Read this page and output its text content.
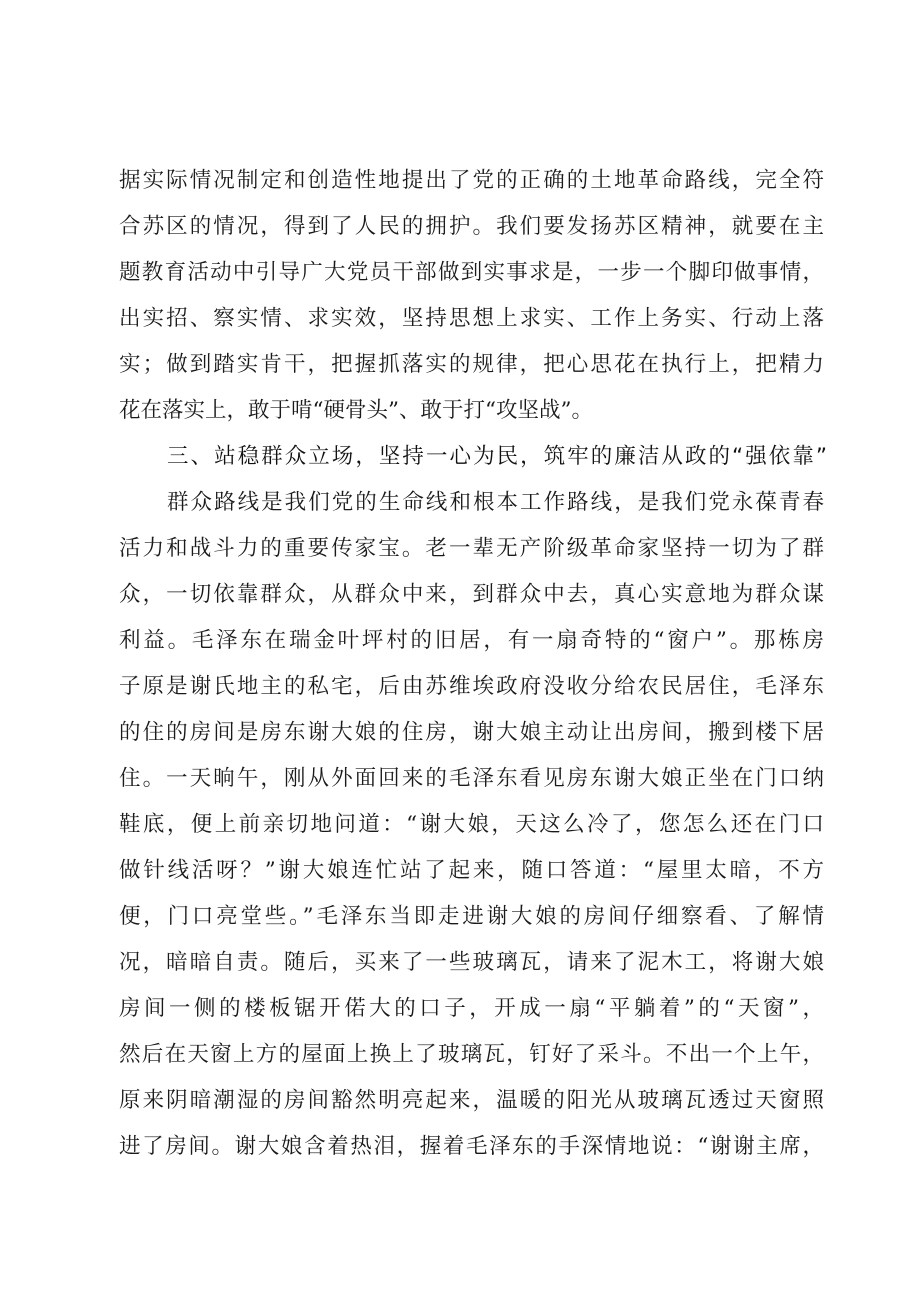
据实际情况制定和创造性地提出了党的正确的土地革命路线，完全符
合苏区的情况，得到了人民的拥护。我们要发扬苏区精神，就要在主
题教育活动中引导广大党员干部做到实事求是，一步一个脚印做事情，
出实招、察实情、求实效，坚持思想上求实、工作上务实、行动上落
实；做到踏实肯干，把握抓落实的规律，把心思花在执行上，把精力
花在落实上，敢于啃“硬骨头”、敢于打“攻坚战”。
三、站稳群众立场，坚持一心为民，筑牢的廉洁从政的“强依靠”
群众路线是我们党的生命线和根本工作路线，是我们党永葆青春
活力和战斗力的重要传家宝。老一辈无产阶级革命家坚持一切为了群
众，一切依靠群众，从群众中来，到群众中去，真心实意地为群众谋
利益。毛泽东在瑞金叶坪村的旧居，有一扇奇特的“窗户”。那栋房
子原是谢氏地主的私宅，后由苏维埃政府没收分给农民居住，毛泽东
的住的房间是房东谢大娘的住房，谢大娘主动让出房间，搬到楼下居
住。一天晌午，刚从外面回来的毛泽东看见房东谢大娘正坐在门口纳
鞋底，便上前亲切地问道：“谢大娘，天这么冷了，您怎么还在门口
做针线活呀？”谢大娘连忙站了起来，随口答道：“屋里太暗，不方
便，门口亮堂些。”毛泽东当即走进谢大娘的房间仔细察看、了解情
况，暗暗自责。随后，买来了一些玻璃瓦，请来了泥木工，将谢大娘
房间一侧的楼板锯开偌大的口子，开成一扇“平躺着”的“天窗”，
然后在天窗上方的屋面上换上了玻璃瓦，钉好了采斗。不出一个上午，
原来阴暗潮湿的房间豁然明亮起来，温暖的阳光从玻璃瓦透过天窗照
进了房间。谢大娘含着热泪，握着毛泽东的手深情地说：“谢谢主席，
